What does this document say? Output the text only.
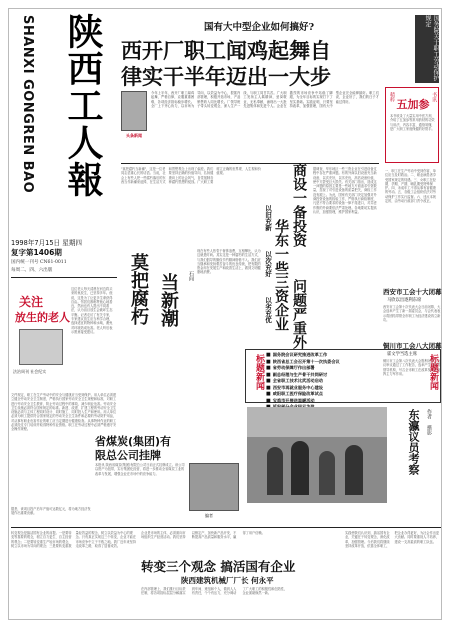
SHANXI GONGREN BAO 陕西工人報
1998年7月15日 星期四
复字第1406期
国内统一刊号 CN61-0011
每周二、四、六出版
关注
放生的老人
法治周刊 社会纪实
这位老人每天清晨在河边将买来的鱼放生，已坚持多年。他说，这是为了让更多生命获得自由。邻居们都称赞他心地善良，然而也有人提出不同看法，认为盲目放生会破坏生态平衡。记者走访了有关专家，专家建议放生应当科学合理，选择适宜的物种和水域，避免对环境造成危害。老人听后表示愿意接受建议。
文件规定，职工在生产劳动中的安全与健康应当受到保护。用人单位必须建立健全劳动安全卫生制度，严格执行国家劳动安全卫生规程和标准，对职工进行劳动安全卫生教育，防止劳动过程中的事故，减少职业危害。劳动安全卫生设施必须符合国家规定的标准。新建、改建、扩建工程的劳动安全卫生设施必须与主体工程同时设计、同时施工、同时投入生产和使用。用人单位必须为职工提供符合国家规定的劳动安全卫生条件和必要的劳动防护用品，对从事有职业危害作业的职工应当定期进行健康检查。从事特种作业的职工必须经过专门培训并取得特种作业资格。职工在劳动过程中必须严格遵守安全操作规程。
国有大中型企业如何搞好?
西开厂职工闻鸡起舞自
律实干半年迈出一大步
头条新闻
今年上半年，西开厂职工闻鸡起舞，严格自律，克服重重困难，各项经济指标稳步增长。全厂上下齐心协力，以市场为导向，以效益为中心，狠抓内部管理，积极开拓市场，产品销售收入同比增长。厂领导班子带头转变观念，深入生产一线，与职工同甘共苦。广大职工发扬主人翁精神，爱岗敬业，无私奉献，涌现出一大批先进集体和先进个人。企业在激烈的市场竞争中站稳了脚跟，为全年目标的实现打下了坚实基础。实践证明，只要坚持改革，加强管理，国有大中型企业完全能够搞好。职工们说，企业好了，我们的日子才能过得好。
国务院关于职工劳动保护规定
精粹
五加参
书讯
本书收录了大量实用中医方剂，介绍了五加参等常用药材的功效与用法，内容丰富，通俗易懂，是广大职工家庭保健的好帮手。
一、职工在生产劳动中受到伤害，单位应当及时救治。二、职业病患者享受国家规定的待遇。三、女职工在经期、孕期、产期、哺乳期受特殊保护。四、未成年工不得从事有害健康的劳动。五、各级工会组织依法对劳动保护工作实行监督。六、违反本规定的，由劳动行政部门责令改正。
西安市工会十大闭幕
马欣以出逐利东席
西安市工会第十次代表大会日前闭幕，大会选举产生了新一届委员会，与会代表表示将团结带领全市职工为经济建设再立新功。
铜川市工会八大闭幕
霍文学当选主席
铜川市工会第八次代表大会胜利闭幕，会议审议通过了工作报告，选举产生了新的领导机构，号召全市职工在改革发展中发挥主力军作用。
"莫把腐朽当新潮"，这是一位老同志语重心长的话语。当前，社会上有些人把一些腐朽落后的东西当作新潮来追捧，在生活方式和思想观念上出现了偏差。我们要坚持正确的价值导向，弘扬健康向上的社会风气，自觉抵制各种腐朽思想的侵蚀。广大职工要树立正确的世界观、人生观和价值观。
莫把腐朽 当新潮	石间
现在有些人热衷于奢侈浪费，互相攀比，认为这就是时尚。其实这是一种腐朽的生活方式，与我们倡导的勤俭节约精神格格不入。我们应当继承和发扬艰苦奋斗的优良传统，把有限的资金用在发展生产和改善生活上，做到文明健康地消费。
以旧充新
以次充好
以劣充优 华东一些三资企业
商设一备投资
问题严重外
据调查，华东地区一些三资企业在引进设备过程中存在严重问题。有的外商以旧设备充当新设备，以次充好，以劣充优，高估设备价值，使中方蒙受巨大损失。有关部门指出，造成这一问题的原因主要是一些地方片面追求引资数量，忽视了对引进设备的质量把关，商检工作没有跟上。为此，国家有关部门决定加强对外商投资设备的检验工作，严格执行商检制度，凡是不符合要求的设备一律不得进口，对弄虚作假的外商要依法严肃处理。各地要切实提高认识，加强管理，维护国家利益。
标题新闻
■	国务院会议研究推进改革工作
■ 陕西省总工会召开第十一次执委会议
■ 省劳动保障厅作出部署
■ 副总经理与生产骨干共同研讨
■ 全省职工技术比武活动启动
■ 西安市再就业服务中心建设
■ 咸阳职工医疗保险改革试点
■ 宝鸡市开展送温暖活动
■
标题新闻
东瀛议员考察	作者 摄影
省煤炭(集团)有
限总公司挂牌
本报讯 陕西省煤炭(集团)有限总公司日前正式挂牌成立。该公司以资产为纽带，实行集团化经营，将进一步推动全省煤炭工业的改革与发展，增强企业在市场中的竞争能力。
编者
据悉，该项目投产后年产值可达数亿元，将为地方经济发展作出重要贡献。
转变观念是搞活国有企业的前提。一是要转变等靠要的观念，树立自力更生、自主经营的观念；二是要转变重生产轻市场的观念，树立以市场为导向的观念；三是要转变重数量轻效益的观念，树立以效益为中心的观念。只有真正实现这三个转变，企业才能在市场竞争中立于不败之地。我厂近年来坚持走改革之路，取得了显著成效。
转变三个观念 搞活国有企业
陕西建筑机械厂厂长 何永平
企业是市场的主体，必须面向市场组织生产经营活动。我们坚持以销定产，加快新产品开发，不断提高产品质量和服务水平，赢得了用户信赖。
在内部管理上，我们推行目标责任制，将各项指标层层分解落实到车间、班组和个人，做到人人有责任，个个有压力，充分调动了广大职工的积极性和创造性，企业面貌焕然一新。
实践使我们认识到，搞活国有企业，关键在于转变观念，深化改革，加强管理。今后我们将继续坚持改革开放，依靠全体职工，把企业办得更好，为社会作出更大贡献。同时要重视人才培养，建设一支高素质的职工队伍。
